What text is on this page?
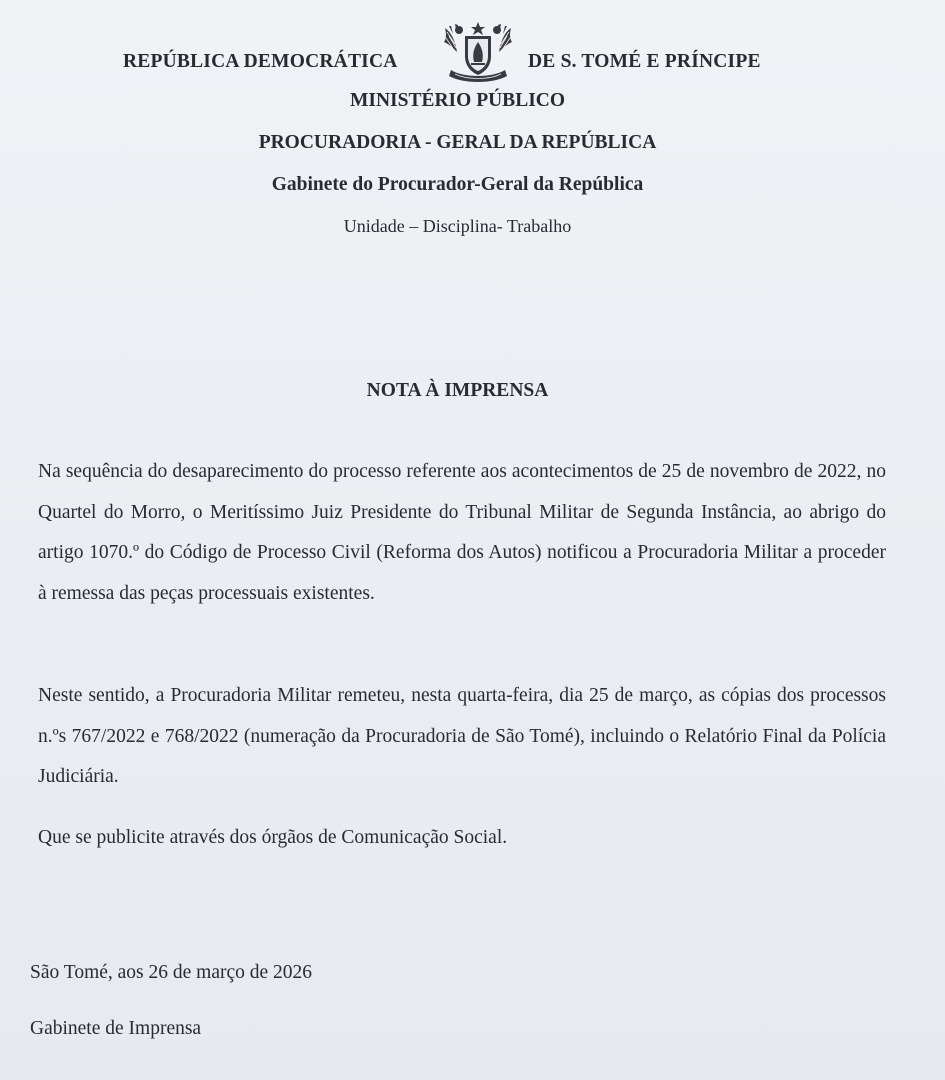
REPÚBLICA DEMOCRÁTICA	DE S. TOMÉ E PRÍNCIPE
MINISTÉRIO PÚBLICO
PROCURADORIA - GERAL DA REPÚBLICA
Gabinete do Procurador-Geral da República
Unidade – Disciplina- Trabalho
NOTA À IMPRENSA

Na sequência do desaparecimento do processo referente aos acontecimentos de 25 de novembro de 2022, no Quartel do Morro, o Meritíssimo Juiz Presidente do Tribunal Militar de Segunda Instância, ao abrigo do artigo 1070.º do Código de Processo Civil (Reforma dos Autos) notificou a Procuradoria Militar a proceder à remessa das peças processuais existentes.

Neste sentido, a Procuradoria Militar remeteu, nesta quarta-feira, dia 25 de março, as cópias dos processos n.ºs 767/2022 e 768/2022 (numeração da Procuradoria de São Tomé), incluindo o Relatório Final da Polícia Judiciária.

Que se publicite através dos órgãos de Comunicação Social.

São Tomé, aos 26 de março de 2026
Gabinete de Imprensa
